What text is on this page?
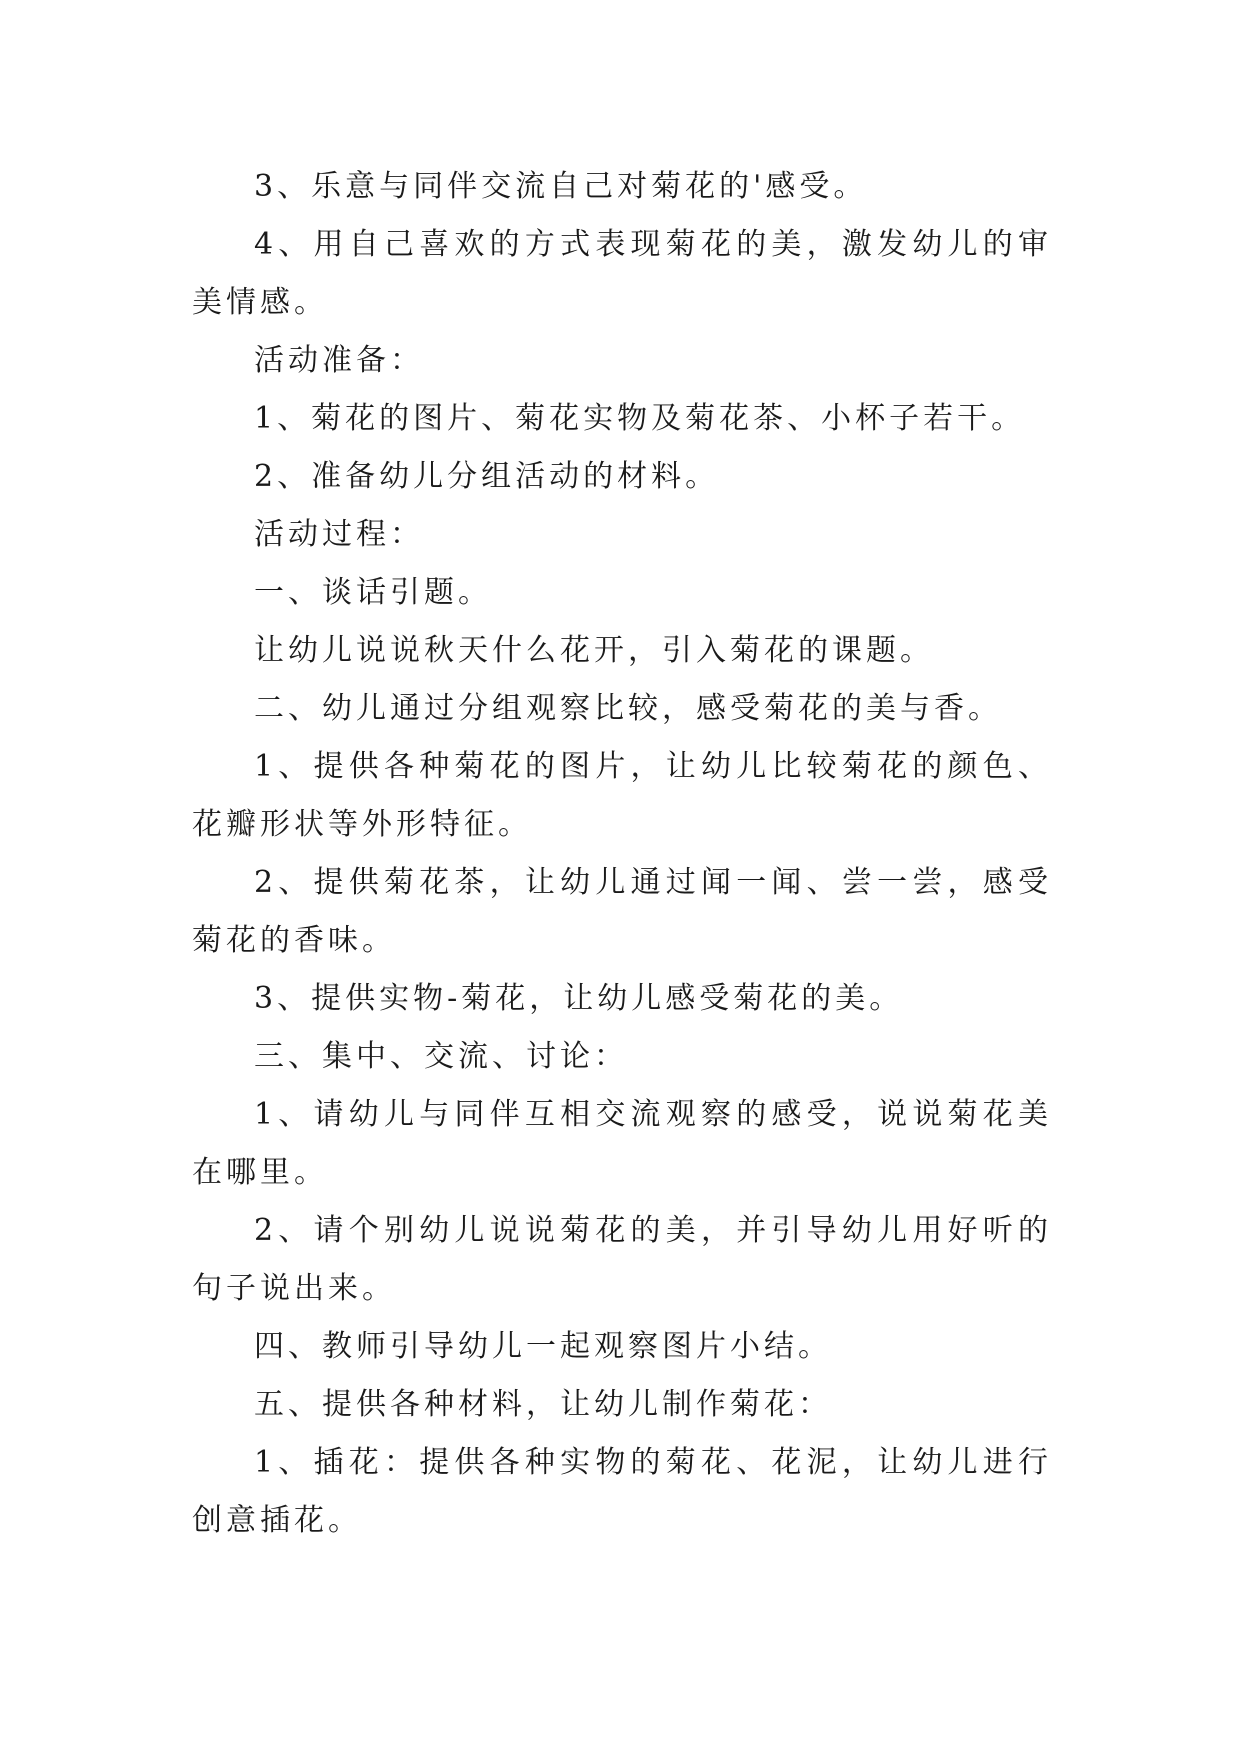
3、乐意与同伴交流自己对菊花的'感受。

4、用自己喜欢的方式表现菊花的美，激发幼儿的审美情感。

活动准备：

1、菊花的图片、菊花实物及菊花茶、小杯子若干。

2、准备幼儿分组活动的材料。

活动过程：

一、谈话引题。

让幼儿说说秋天什么花开，引入菊花的课题。

二、幼儿通过分组观察比较，感受菊花的美与香。

1、提供各种菊花的图片，让幼儿比较菊花的颜色、花瓣形状等外形特征。

2、提供菊花茶，让幼儿通过闻一闻、尝一尝，感受菊花的香味。

3、提供实物-菊花，让幼儿感受菊花的美。

三、集中、交流、讨论：

1、请幼儿与同伴互相交流观察的感受，说说菊花美在哪里。

2、请个别幼儿说说菊花的美，并引导幼儿用好听的句子说出来。

四、教师引导幼儿一起观察图片小结。

五、提供各种材料，让幼儿制作菊花：

1、插花：提供各种实物的菊花、花泥，让幼儿进行创意插花。
